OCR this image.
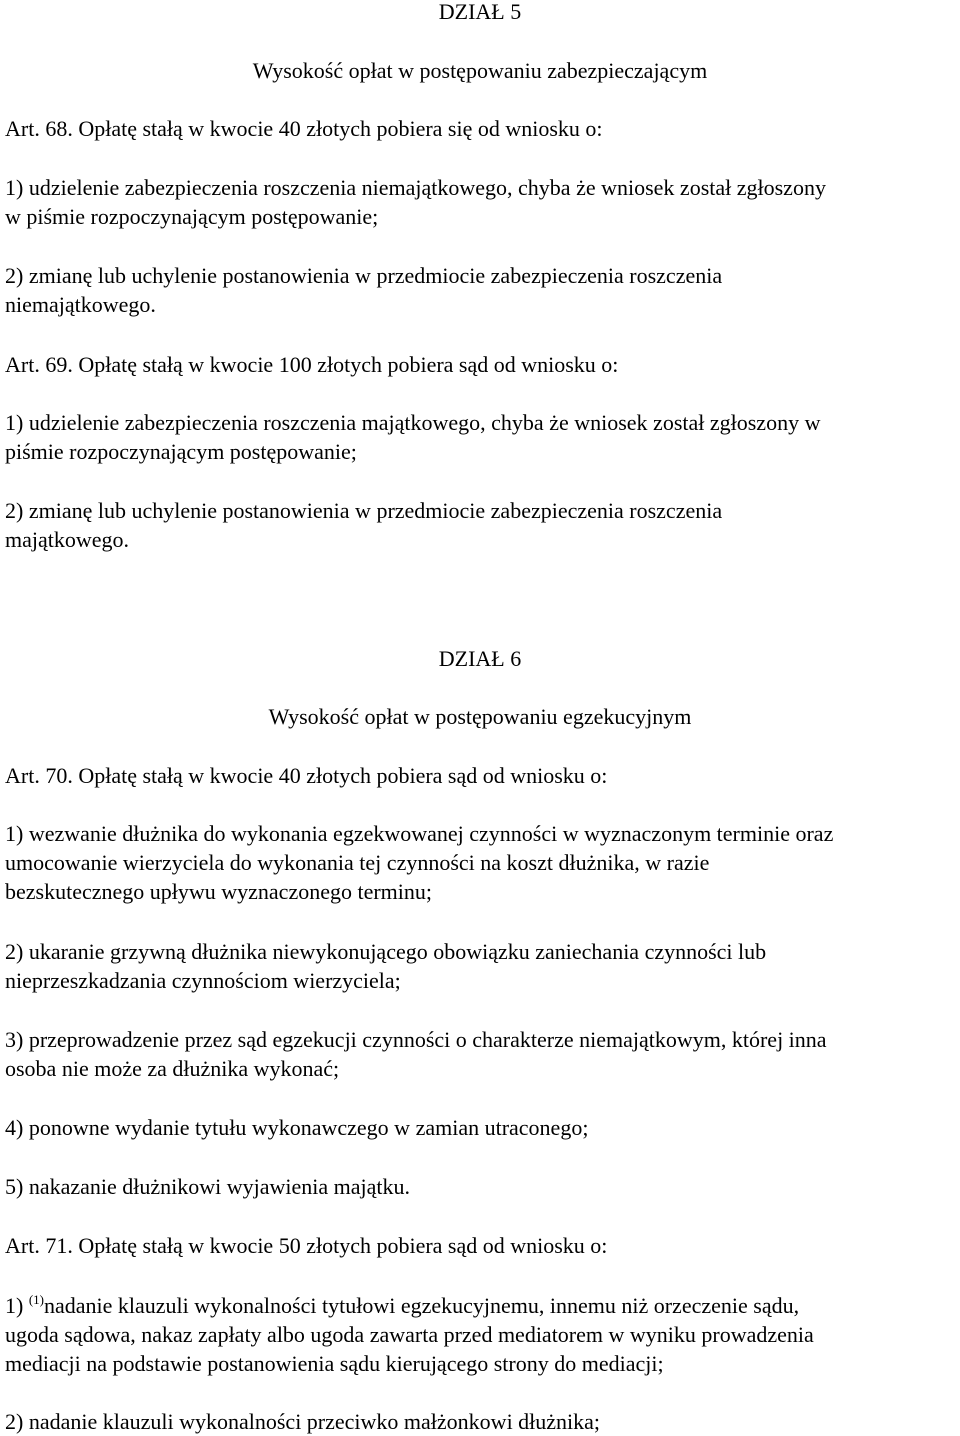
DZIAŁ 5

Wysokość opłat w postępowaniu zabezpieczającym

Art. 68. Opłatę stałą w kwocie 40 złotych pobiera się od wniosku o:

1) udzielenie zabezpieczenia roszczenia niemajątkowego, chyba że wniosek został zgłoszony
w piśmie rozpoczynającym postępowanie;

2) zmianę lub uchylenie postanowienia w przedmiocie zabezpieczenia roszczenia
niemajątkowego.

Art. 69. Opłatę stałą w kwocie 100 złotych pobiera sąd od wniosku o:

1) udzielenie zabezpieczenia roszczenia majątkowego, chyba że wniosek został zgłoszony w
piśmie rozpoczynającym postępowanie;

2) zmianę lub uchylenie postanowienia w przedmiocie zabezpieczenia roszczenia
majątkowego.

DZIAŁ 6

Wysokość opłat w postępowaniu egzekucyjnym

Art. 70. Opłatę stałą w kwocie 40 złotych pobiera sąd od wniosku o:

1) wezwanie dłużnika do wykonania egzekwowanej czynności w wyznaczonym terminie oraz
umocowanie wierzyciela do wykonania tej czynności na koszt dłużnika, w razie
bezskutecznego upływu wyznaczonego terminu;

2) ukaranie grzywną dłużnika niewykonującego obowiązku zaniechania czynności lub
nieprzeszkadzania czynnościom wierzyciela;

3) przeprowadzenie przez sąd egzekucji czynności o charakterze niemajątkowym, której inna
osoba nie może za dłużnika wykonać;

4) ponowne wydanie tytułu wykonawczego w zamian utraconego;

5) nakazanie dłużnikowi wyjawienia majątku.

Art. 71. Opłatę stałą w kwocie 50 złotych pobiera sąd od wniosku o:

1) $^{(1)}$nadanie klauzuli wykonalności tytułowi egzekucyjnemu, innemu niż orzeczenie sądu,
ugoda sądowa, nakaz zapłaty albo ugoda zawarta przed mediatorem w wyniku prowadzenia
mediacji na podstawie postanowienia sądu kierującego strony do mediacji;

2) nadanie klauzuli wykonalności przeciwko małżonkowi dłużnika;
